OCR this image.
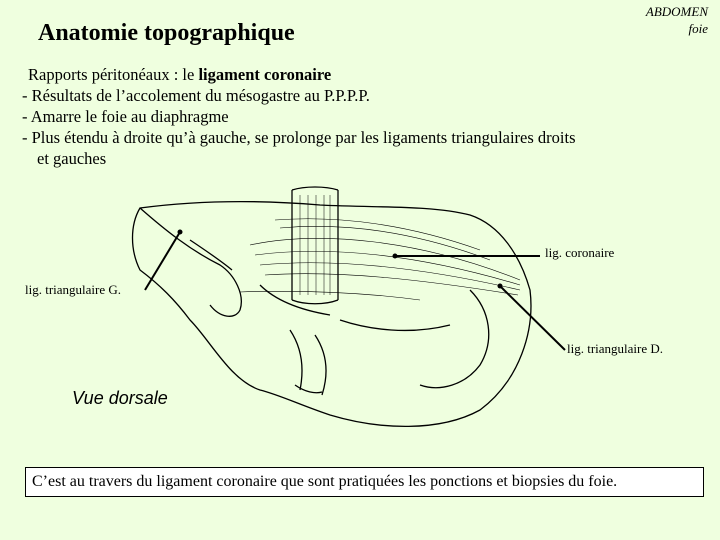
Anatomie topographique
ABDOMEN
foie
Rapports péritonéaux : le ligament coronaire
- Résultats de l’accolement du mésogastre au P.P.P.P.
- Amarre le foie au diaphragme
- Plus étendu à droite qu’à gauche, se prolonge par les ligaments triangulaires droits
et gauches
lig. coronaire
lig. triangulaire G.
lig. triangulaire D.
Vue dorsale
C’est au travers du ligament coronaire que sont pratiquées les ponctions et biopsies du foie.
